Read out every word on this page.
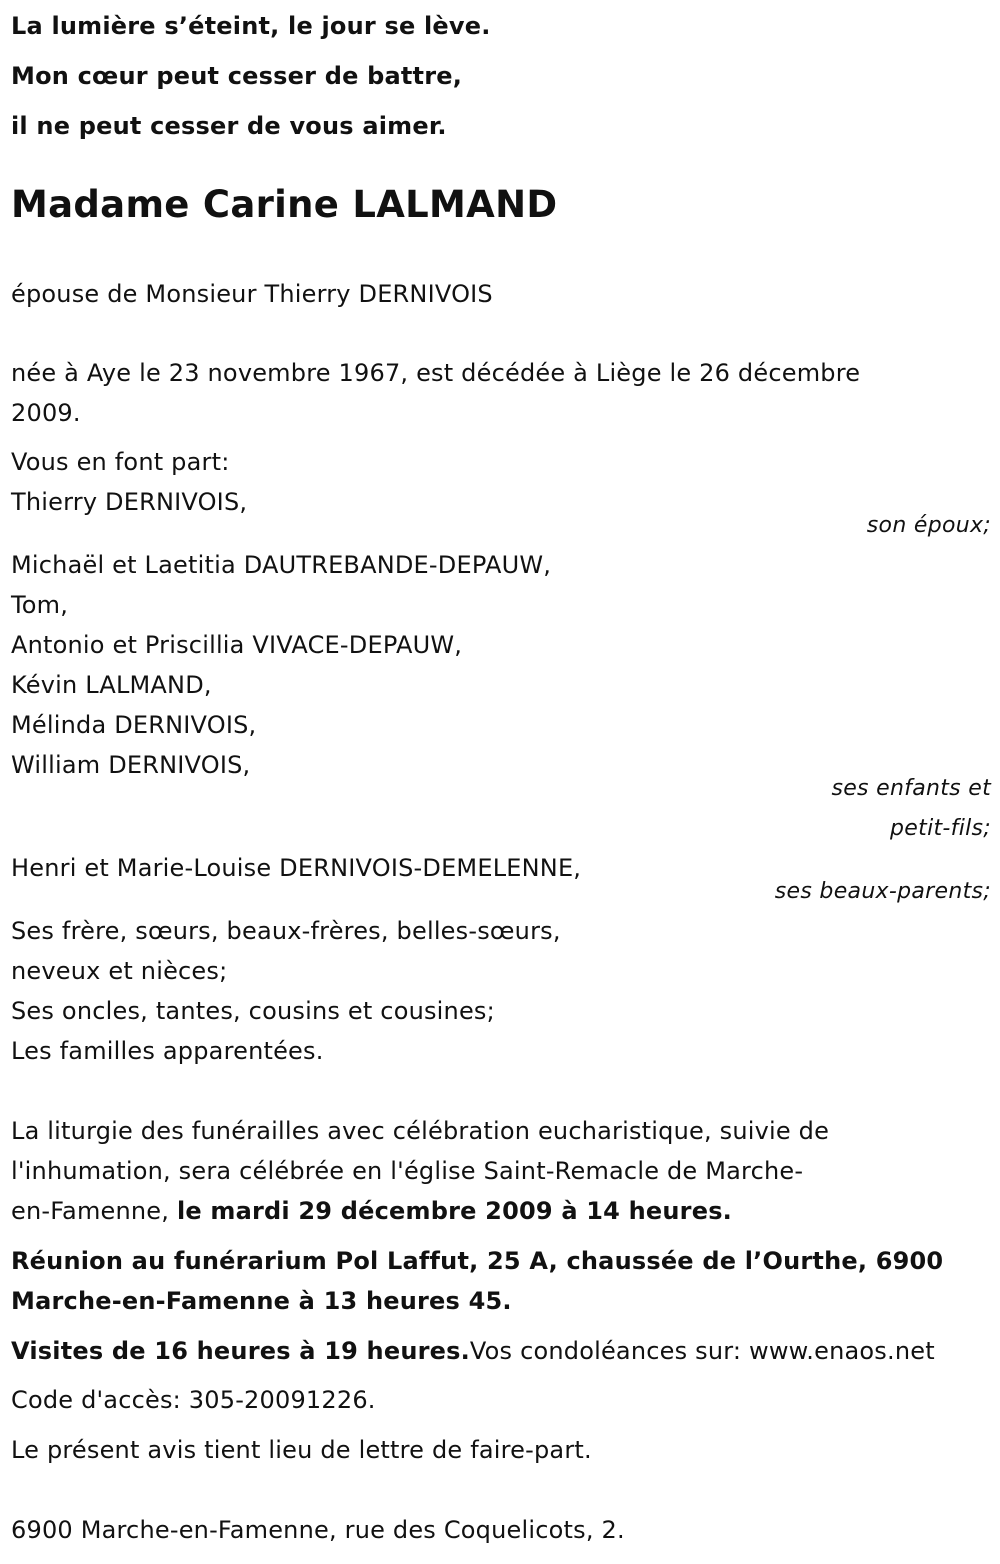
La lumière s’éteint, le jour se lève.
Mon cœur peut cesser de battre,
il ne peut cesser de vous aimer.
Madame Carine LALMAND
épouse de Monsieur Thierry DERNIVOIS
née à Aye le 23 novembre 1967, est décédée à Liège le 26 décembre
2009.
Vous en font part:
Thierry DERNIVOIS,
son époux;
Michaël et Laetitia DAUTREBANDE-DEPAUW,
Tom,
Antonio et Priscillia VIVACE-DEPAUW,
Kévin LALMAND,
Mélinda DERNIVOIS,
William DERNIVOIS,
ses enfants et
petit-fils;
Henri et Marie-Louise DERNIVOIS-DEMELENNE,
ses beaux-parents;
Ses frère, sœurs, beaux-frères, belles-sœurs,
neveux et nièces;
Ses oncles, tantes, cousins et cousines;
Les familles apparentées.
La liturgie des funérailles avec célébration eucharistique, suivie de
l'inhumation, sera célébrée en l'église Saint-Remacle de Marche-
en-Famenne, le mardi 29 décembre 2009 à 14 heures.
Réunion au funérarium Pol Laffut, 25 A, chaussée de l’Ourthe, 6900
Marche-en-Famenne à 13 heures 45.
Visites de 16 heures à 19 heures.Vos condoléances sur: www.enaos.net
Code d'accès: 305-20091226.
Le présent avis tient lieu de lettre de faire-part.
6900 Marche-en-Famenne, rue des Coquelicots, 2.
